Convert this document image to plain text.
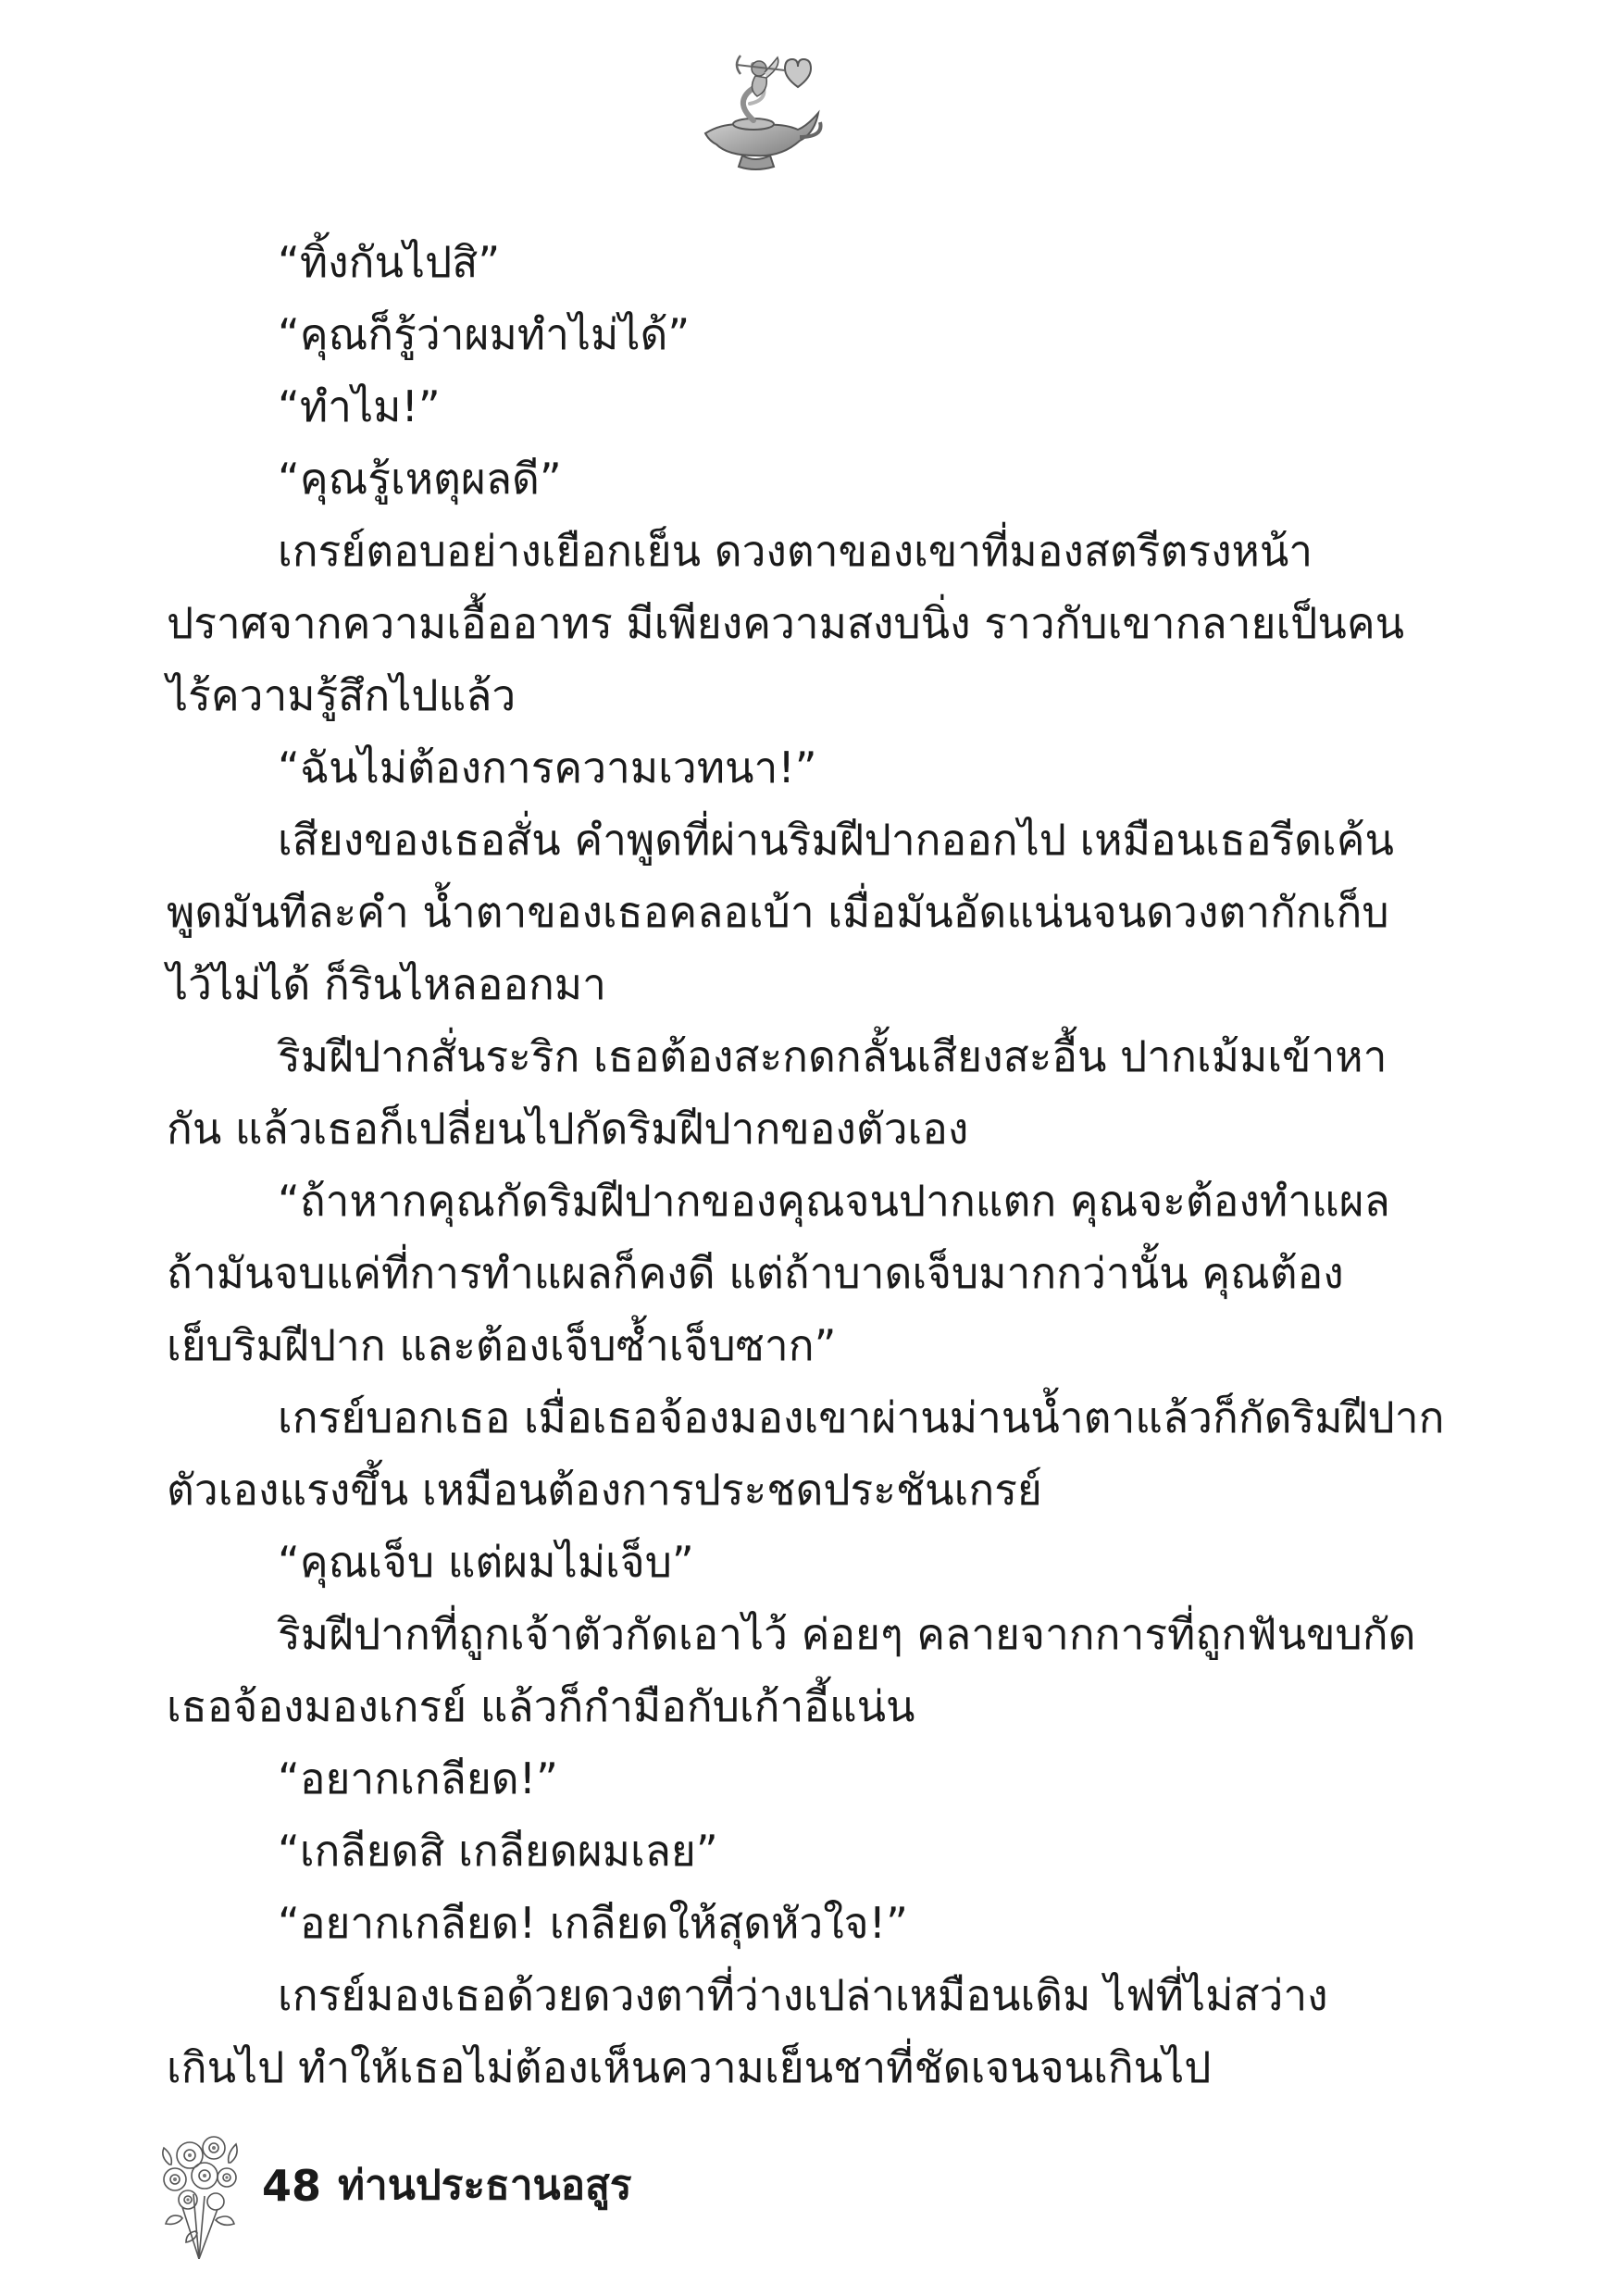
“ทิ้งกันไปสิ”
“คุณก็รู้ว่าผมทำไม่ได้”
“ทำไม!”
“คุณรู้เหตุผลดี”
เกรย์ตอบอย่างเยือกเย็น ดวงตาของเขาที่มองสตรีตรงหน้า
ปราศจากความเอื้ออาทร มีเพียงความสงบนิ่ง ราวกับเขากลายเป็นคน
ไร้ความรู้สึกไปแล้ว
“ฉันไม่ต้องการความเวทนา!”
เสียงของเธอสั่น คำพูดที่ผ่านริมฝีปากออกไป เหมือนเธอรีดเค้น
พูดมันทีละคำ น้ำตาของเธอคลอเบ้า เมื่อมันอัดแน่นจนดวงตากักเก็บ
ไว้ไม่ได้ ก็รินไหลออกมา
ริมฝีปากสั่นระริก เธอต้องสะกดกลั้นเสียงสะอื้น ปากเม้มเข้าหา
กัน แล้วเธอก็เปลี่ยนไปกัดริมฝีปากของตัวเอง
“ถ้าหากคุณกัดริมฝีปากของคุณจนปากแตก คุณจะต้องทำแผล
ถ้ามันจบแค่ที่การทำแผลก็คงดี แต่ถ้าบาดเจ็บมากกว่านั้น คุณต้อง
เย็บริมฝีปาก และต้องเจ็บซ้ำเจ็บซาก”
เกรย์บอกเธอ เมื่อเธอจ้องมองเขาผ่านม่านน้ำตาแล้วก็กัดริมฝีปาก
ตัวเองแรงขึ้น เหมือนต้องการประชดประชันเกรย์
“คุณเจ็บ แต่ผมไม่เจ็บ”
ริมฝีปากที่ถูกเจ้าตัวกัดเอาไว้ ค่อยๆ คลายจากการที่ถูกฟันขบกัด
เธอจ้องมองเกรย์ แล้วก็กำมือกับเก้าอี้แน่น
“อยากเกลียด!”
“เกลียดสิ เกลียดผมเลย”
“อยากเกลียด! เกลียดให้สุดหัวใจ!”
เกรย์มองเธอด้วยดวงตาที่ว่างเปล่าเหมือนเดิม ไฟที่ไม่สว่าง
เกินไป ทำให้เธอไม่ต้องเห็นความเย็นชาที่ชัดเจนจนเกินไป
48 ท่านประธานอสูร
